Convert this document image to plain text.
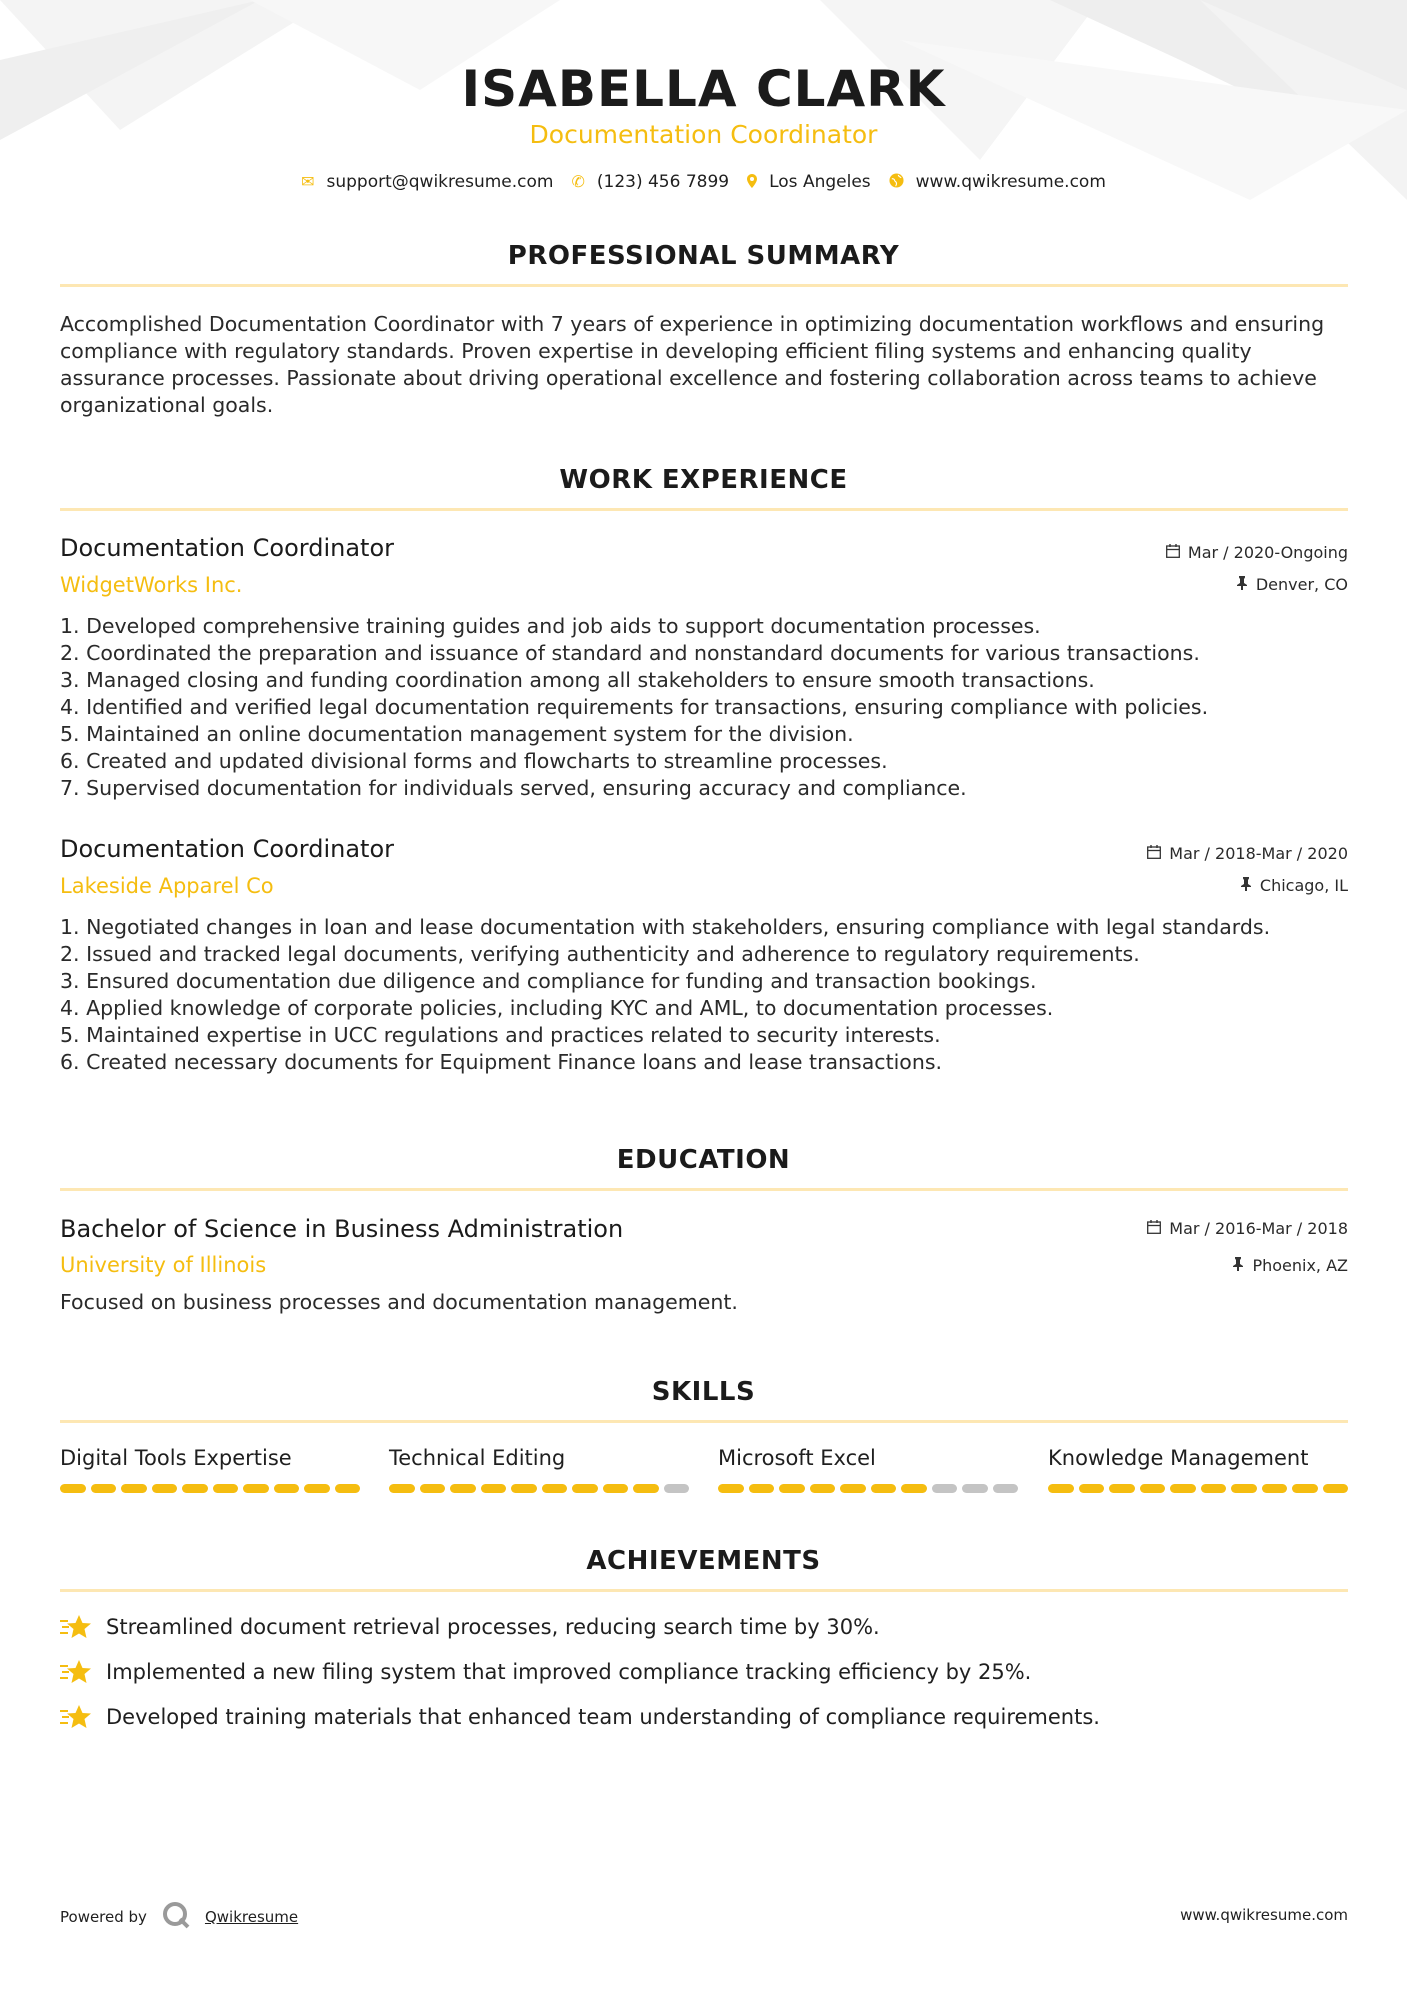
ISABELLA CLARK
Documentation Coordinator
✉ support@qwikresume.com ✆ (123) 456 7899 Los Angeles	www.qwikresume.com
PROFESSIONAL SUMMARY
Accomplished Documentation Coordinator with 7 years of experience in optimizing documentation workflows and ensuring compliance with regulatory standards. Proven expertise in developing efficient filing systems and enhancing quality assurance processes. Passionate about driving operational excellence and fostering collaboration across teams to achieve organizational goals.
WORK EXPERIENCE
Documentation Coordinator
WidgetWorks Inc.
Mar / 2020-Ongoing
Denver, CO
1. Developed comprehensive training guides and job aids to support documentation processes.
2. Coordinated the preparation and issuance of standard and nonstandard documents for various transactions.
3. Managed closing and funding coordination among all stakeholders to ensure smooth transactions.
4. Identified and verified legal documentation requirements for transactions, ensuring compliance with policies.
5. Maintained an online documentation management system for the division.
6. Created and updated divisional forms and flowcharts to streamline processes.
7. Supervised documentation for individuals served, ensuring accuracy and compliance.
Documentation Coordinator
Lakeside Apparel Co
Mar / 2018-Mar / 2020
Chicago, IL
1. Negotiated changes in loan and lease documentation with stakeholders, ensuring compliance with legal standards.
2. Issued and tracked legal documents, verifying authenticity and adherence to regulatory requirements.
3. Ensured documentation due diligence and compliance for funding and transaction bookings.
4. Applied knowledge of corporate policies, including KYC and AML, to documentation processes.
5. Maintained expertise in UCC regulations and practices related to security interests.
6. Created necessary documents for Equipment Finance loans and lease transactions.
EDUCATION
Bachelor of Science in Business Administration
University of Illinois
Mar / 2016-Mar / 2018
Phoenix, AZ
Focused on business processes and documentation management.
SKILLS
Digital Tools Expertise	Technical Editing	Microsoft Excel	Knowledge Management
ACHIEVEMENTS
Streamlined document retrieval processes, reducing search time by 30%.
Implemented a new filing system that improved compliance tracking efficiency by 25%.
Developed training materials that enhanced team understanding of compliance requirements.
Powered by	Qwikresume	www.qwikresume.com
